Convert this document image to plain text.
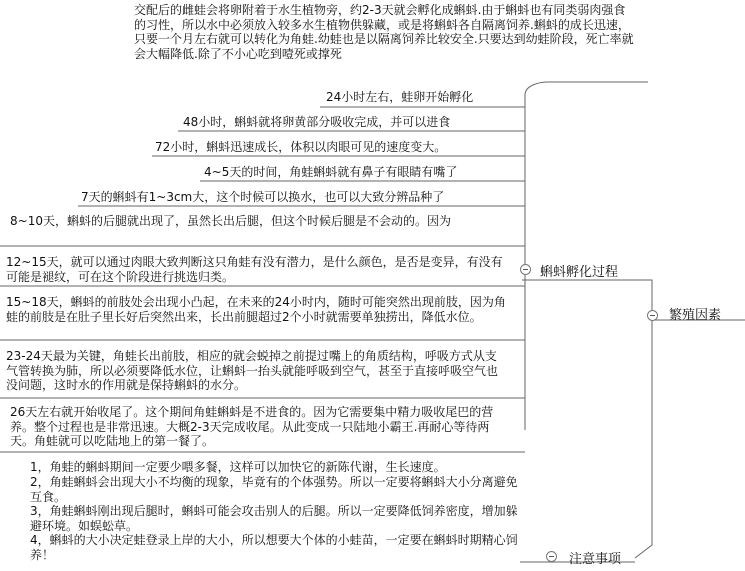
繁殖因素
蝌蚪孵化过程
注意事项
交配后的雌蛙会将卵附着于水生植物旁，约2-3天就会孵化成蝌蚪.由于蝌蚪也有同类弱肉强食的习性，所以水中必须放入较多水生植物供躲藏，或是将蝌蚪各自隔离饲养.蝌蚪的成长迅速，只要一个月左右就可以转化为角蛙.幼蛙也是以隔离饲养比较安全.只要达到幼蛙阶段，死亡率就会大幅降低.除了不小心吃到噎死或撑死
24小时左右，蛙卵开始孵化
48小时，蝌蚪就将卵黄部分吸收完成，并可以进食
72小时，蝌蚪迅速成长，体积以肉眼可见的速度变大。
4~5天的时间，角蛙蝌蚪就有鼻子有眼睛有嘴了
7天的蝌蚪有1~3cm大，这个时候可以换水，也可以大致分辨品种了
8~10天，蝌蚪的后腿就出现了，虽然长出后腿，但这个时候后腿是不会动的。因为
12~15天，就可以通过肉眼大致判断这只角蛙有没有潜力，是什么颜色，是否是变异，有没有可能是褪纹，可在这个阶段进行挑选归类。
15~18天，蝌蚪的前肢处会出现小凸起，在未来的24小时内，随时可能突然出现前肢，因为角蛙的前肢是在肚子里长好后突然出来，长出前腿超过2个小时就需要单独捞出，降低水位。
23-24天最为关键，角蛙长出前肢，相应的就会蜕掉之前提过嘴上的角质结构，呼吸方式从支气管转换为肺，所以必须要降低水位，让蝌蚪一抬头就能呼吸到空气，甚至于直接呼吸空气也没问题，这时水的作用就是保持蝌蚪的水分。
26天左右就开始收尾了。这个期间角蛙蝌蚪是不进食的。因为它需要集中精力吸收尾巴的营养。整个过程也是非常迅速。大概2-3天完成收尾。从此变成一只陆地小霸王.再耐心等待两天。角蛙就可以吃陆地上的第一餐了。
1，角蛙的蝌蚪期间一定要少喂多餐，这样可以加快它的新陈代谢，生长速度。
2，角蛙蝌蚪会出现大小不均衡的现象，毕竟有的个体强势。所以一定要将蝌蚪大小分离避免互食。
3，角蛙蝌蚪刚出现后腿时，蝌蚪可能会攻击别人的后腿。所以一定要降低饲养密度，增加躲避环境。如蜈蚣草。
4，蝌蚪的大小决定蛙登录上岸的大小，所以想要大个体的小蛙苗，一定要在蝌蚪时期精心饲养！
